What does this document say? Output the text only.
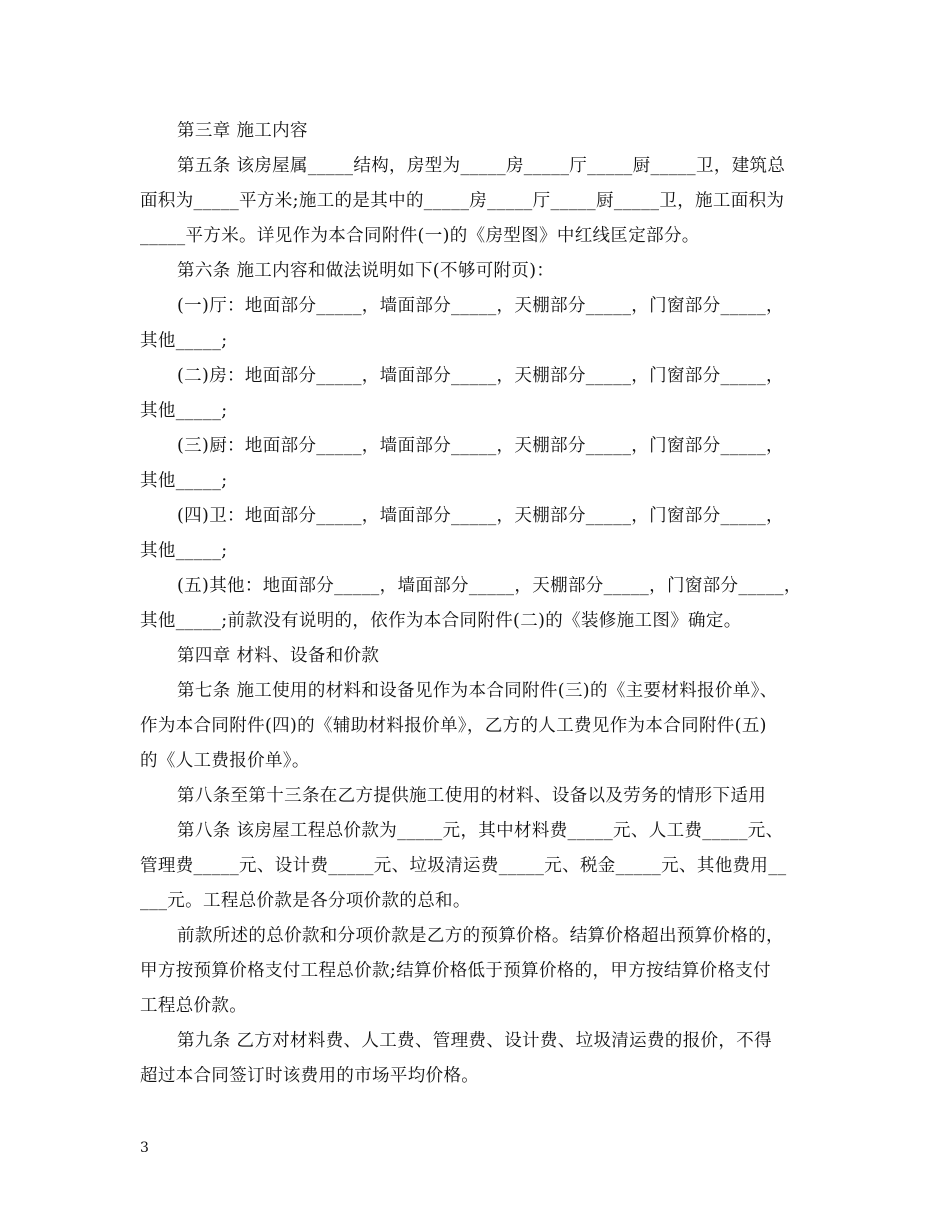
第三章 施工内容
第五条 该房屋属_____结构，房型为_____房_____厅_____厨_____卫，建筑总
面积为_____平方米;施工的是其中的_____房_____厅_____厨_____卫，施工面积为
_____平方米。详见作为本合同附件(一)的《房型图》中红线匡定部分。
第六条 施工内容和做法说明如下(不够可附页)：
(一)厅：地面部分_____，墙面部分_____，天棚部分_____，门窗部分_____，
其他_____;
(二)房：地面部分_____，墙面部分_____，天棚部分_____，门窗部分_____，
其他_____;
(三)厨：地面部分_____，墙面部分_____，天棚部分_____，门窗部分_____，
其他_____;
(四)卫：地面部分_____，墙面部分_____，天棚部分_____，门窗部分_____，
其他_____;
(五)其他：地面部分_____，墙面部分_____，天棚部分_____，门窗部分_____，
其他_____;前款没有说明的，依作为本合同附件(二)的《装修施工图》确定。
第四章 材料、设备和价款
第七条 施工使用的材料和设备见作为本合同附件(三)的《主要材料报价单》、
作为本合同附件(四)的《辅助材料报价单》，乙方的人工费见作为本合同附件(五)
的《人工费报价单》。
第八条至第十三条在乙方提供施工使用的材料、设备以及劳务的情形下适用
第八条 该房屋工程总价款为_____元，其中材料费_____元、人工费_____元、
管理费_____元、设计费_____元、垃圾清运费_____元、税金_____元、其他费用__
___元。工程总价款是各分项价款的总和。
前款所述的总价款和分项价款是乙方的预算价格。结算价格超出预算价格的，
甲方按预算价格支付工程总价款;结算价格低于预算价格的，甲方按结算价格支付
工程总价款。
第九条 乙方对材料费、人工费、管理费、设计费、垃圾清运费的报价，不得
超过本合同签订时该费用的市场平均价格。
3
